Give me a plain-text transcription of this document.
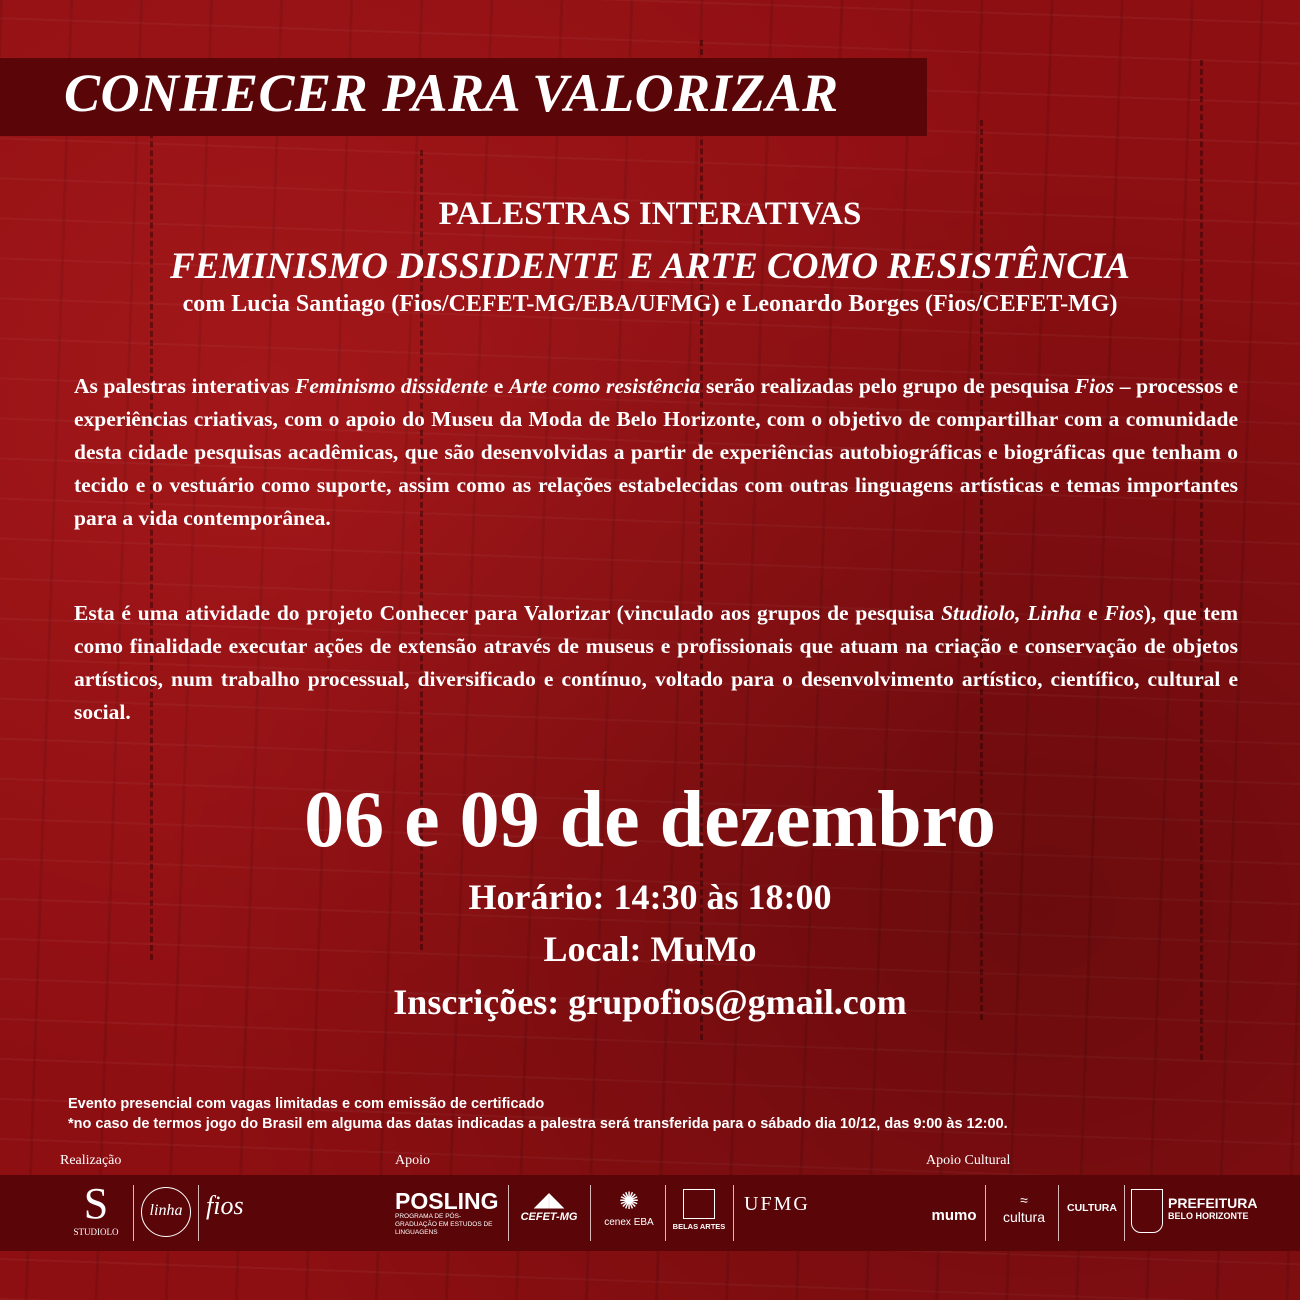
CONHECER PARA VALORIZAR
PALESTRAS INTERATIVAS
FEMINISMO DISSIDENTE E ARTE COMO RESISTÊNCIA
com Lucia Santiago (Fios/CEFET-MG/EBA/UFMG) e Leonardo Borges (Fios/CEFET-MG)
As palestras interativas Feminismo dissidente e Arte como resistência serão realizadas pelo grupo de pesquisa Fios – processos e experiências criativas, com o apoio do Museu da Moda de Belo Horizonte, com o objetivo de compartilhar com a comunidade desta cidade pesquisas acadêmicas, que são desenvolvidas a partir de experiências autobiográficas e biográficas que tenham o tecido e o vestuário como suporte, assim como as relações estabelecidas com outras linguagens artísticas e temas importantes para a vida contemporânea.
Esta é uma atividade do projeto Conhecer para Valorizar (vinculado aos grupos de pesquisa Studiolo, Linha e Fios), que tem como finalidade executar ações de extensão através de museus e profissionais que atuam na criação e conservação de objetos artísticos, num trabalho processual, diversificado e contínuo, voltado para o desenvolvimento artístico, científico, cultural e social.
06 e 09 de dezembro
Horário: 14:30 às 18:00
Local: MuMo
Inscrições: grupofios@gmail.com
Evento presencial com vagas limitadas e com emissão de certificado
*no caso de termos jogo do Brasil em alguma das datas indicadas a palestra será transferida para o sábado dia 10/12, das 9:00 às 12:00.
Realização	Apoio	Apoio Cultural
S
STUDIOLO
linha fios	POSLING
PROGRAMA DE PÓS-GRADUAÇÃO EM ESTUDOS DE LINGUAGENS
◢◣
CEFET-MG
✺
cenex EBA	BELAS ARTES
UFMG
mumo
≈
cultura
CULTURA	PREFEITURA
BELO HORIZONTE
